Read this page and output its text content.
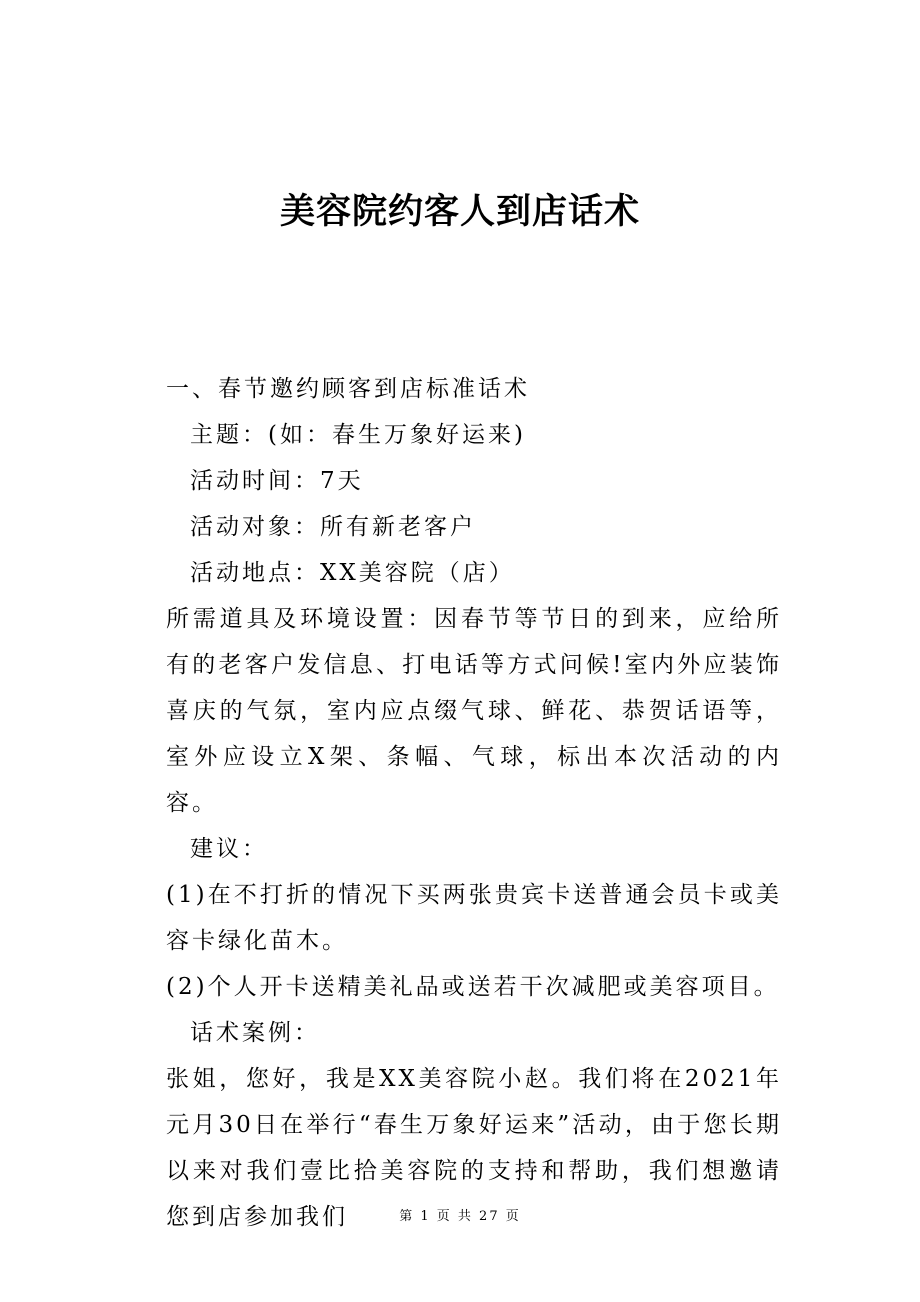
美容院约客人到店话术
一、春节邀约顾客到店标准话术
主题：(如：春生万象好运来)
活动时间：7天
活动对象：所有新老客户
活动地点：XX美容院（店）
所需道具及环境设置：因春节等节日的到来，应给所有的老客户发信息、打电话等方式问候!室内外应装饰喜庆的气氛，室内应点缀气球、鲜花、恭贺话语等，室外应设立X架、条幅、气球，标出本次活动的内容。
建议：
(1)在不打折的情况下买两张贵宾卡送普通会员卡或美容卡绿化苗木。
(2)个人开卡送精美礼品或送若干次减肥或美容项目。
话术案例：
张姐，您好，我是XX美容院小赵。我们将在2021年元月30日在举行“春生万象好运来”活动，由于您长期以来对我们壹比拾美容院的支持和帮助，我们想邀请您到店参加我们	第 1 页 共 27 页
